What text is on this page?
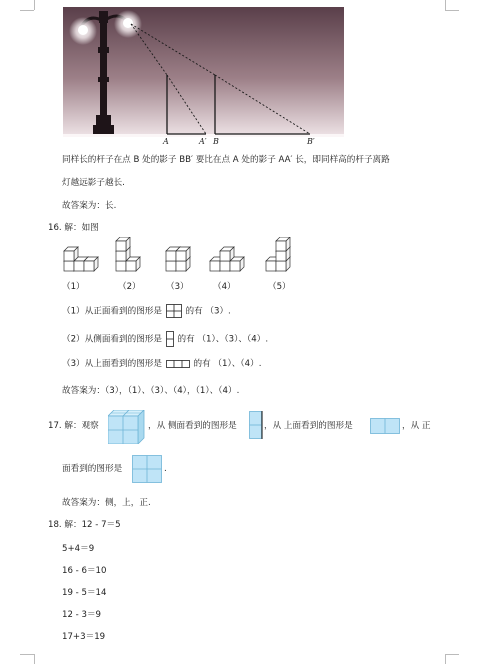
A	A′ B	B′
同样长的杆子在点 B 处的影子 BB′ 要比在点 A 处的影子 AA′ 长，即同样高的杆子离路
灯越远影子越长.
故答案为：长.
16. 解：如图
（1）	（2）	（3）	（4）	（5）
（1）从正面看到的图形是	的有 （3）.
（2）从侧面看到的图形是 的有 （1）、（3）、（4）.
（3）从上面看到的图形是	的有 （1）、（4）.
故答案为：（3），（1）、（3）、（4），（1）、（4）.
17. 解：观察	，从 侧面看到的图形是	，从 上面看到的图形是	，从 正
面看到的图形是	.
故答案为：侧，上，正.
18. 解：12 - 7＝5
5+4＝9
16 - 6＝10
19 - 5＝14
12 - 3＝9
17+3＝19
